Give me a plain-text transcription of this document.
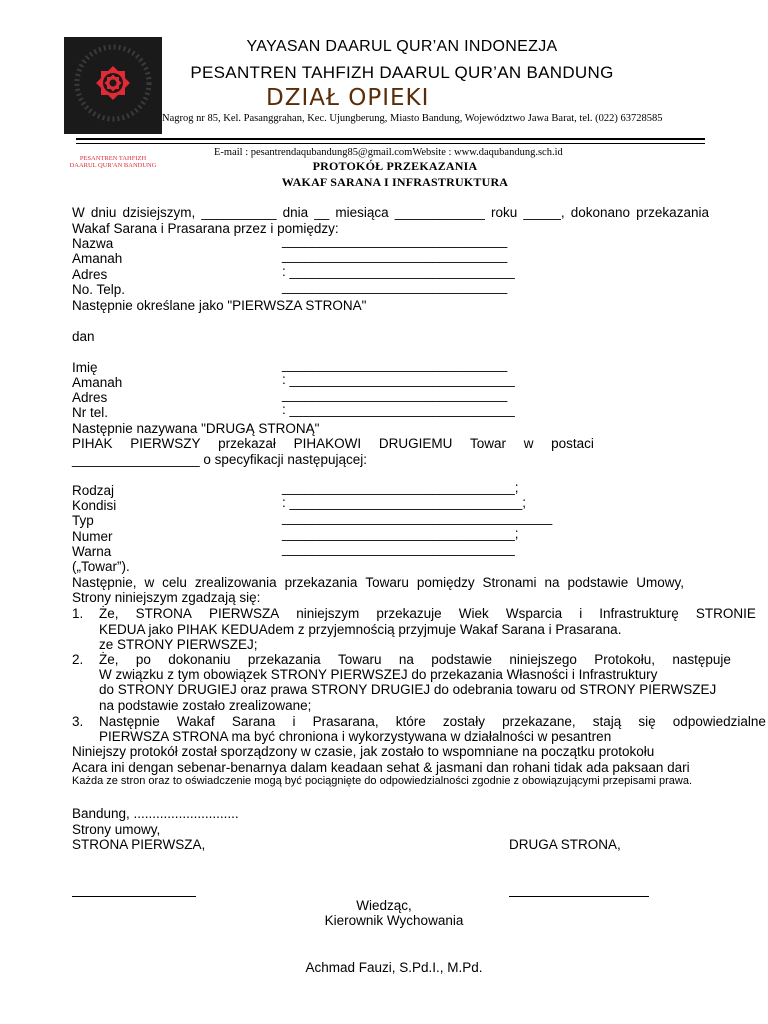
PESANTREN TAHFIZH
DAARUL QUR'AN BANDUNG
YAYASAN DAARUL QUR’AN INDONEZJA
PESANTREN TAHFIZH DAARUL QUR’AN BANDUNG
DZIAŁ OPIEKI
Nagrog nr 85, Kel. Pasanggrahan, Kec. Ujungberung, Miasto Bandung, Województwo Jawa Barat, tel. (022) 63728585
E-mail : pesantrendaqubandung85@gmail.comWebsite : www.daqubandung.sch.id
PROTOKÓŁ PRZEKAZANIA
WAKAF SARANA I INFRASTRUKTURA
W dniu dzisiejszym, __________ dnia __ miesiąca ____________ roku _____, dokonano przekazania
Wakaf Sarana i Prasarana przez i pomiędzy:
Nazwa	______________________________
Amanah	______________________________
Adres	: ______________________________
No. Telp.	______________________________
Następnie określane jako "PIERWSZA STRONA"
dan
Imię	______________________________
Amanah	: ______________________________
Adres	______________________________
Nr tel.	: ______________________________
Następnie nazywana "DRUGĄ STRONĄ"
PIHAK PIERWSZY przekazał PIHAKOWI DRUGIEMU Towar w postaci
_________________ o specyfikacji następującej:
Rodzaj	_______________________________;
Kondisi	: _______________________________;
Typ	____________________________________
Numer	_______________________________;
Warna	_______________________________
(„Towar”).
Następnie, w celu zrealizowania przekazania Towaru pomiędzy Stronami na podstawie Umowy,
Strony niniejszym zgadzają się:
1. Że, STRONA PIERWSZA niniejszym przekazuje Wiek Wsparcia i Infrastrukturę STRONIE
KEDUA jako PIHAK KEDUAdem z przyjemnością przyjmuje Wakaf Sarana i Prasarana.
ze STRONY PIERWSZEJ;
2. Że, po dokonaniu przekazania Towaru na podstawie niniejszego Protokołu, następuje
W związku z tym obowiązek STRONY PIERWSZEJ do przekazania Własności i Infrastruktury
do STRONY DRUGIEJ oraz prawa STRONY DRUGIEJ do odebrania towaru od STRONY PIERWSZEJ
na podstawie zostało zrealizowane;
3. Następnie Wakaf Sarana i Prasarana, które zostały przekazane, stają się odpowiedzialne
PIERWSZA STRONA ma być chroniona i wykorzystywana w działalności w pesantren
Niniejszy protokół został sporządzony w czasie, jak zostało to wspomniane na początku protokołu
Acara ini dengan sebenar-benarnya dalam keadaan sehat & jasmani dan rohani tidak ada paksaan dari
Każda ze stron oraz to oświadczenie mogą być pociągnięte do odpowiedzialności zgodnie z obowiązującymi przepisami prawa.
Bandung, ............................
Strony umowy,
STRONA PIERWSZA,	DRUGA STRONA,
Wiedząc,
Kierownik Wychowania
Achmad Fauzi, S.Pd.I., M.Pd.
